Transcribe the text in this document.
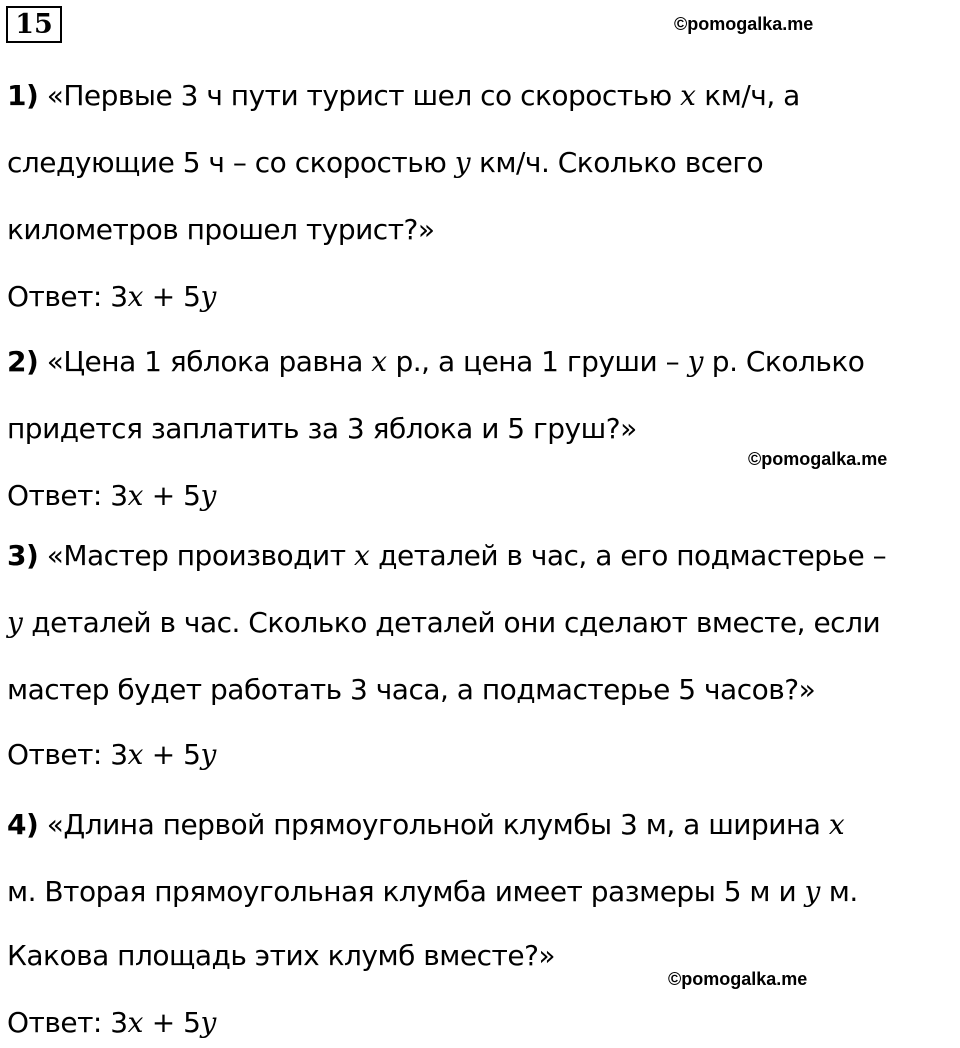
15	©pomogalka.me
©pomogalka.me
©pomogalka.me
1) «Первые 3 ч пути турист шел со скоростью x км/ч, а
следующие 5 ч – со скоростью y км/ч. Сколько всего
километров прошел турист?»
Ответ: 3x + 5y
2) «Цена 1 яблока равна x р., а цена 1 груши – y р. Сколько
придется заплатить за 3 яблока и 5 груш?»
Ответ: 3x + 5y
3) «Мастер производит x деталей в час, а его подмастерье –
y деталей в час. Сколько деталей они сделают вместе, если
мастер будет работать 3 часа, а подмастерье 5 часов?»
Ответ: 3x + 5y
4) «Длина первой прямоугольной клумбы 3 м, а ширина x
м. Вторая прямоугольная клумба имеет размеры 5 м и y м.
Какова площадь этих клумб вместе?»
Ответ: 3x + 5y
